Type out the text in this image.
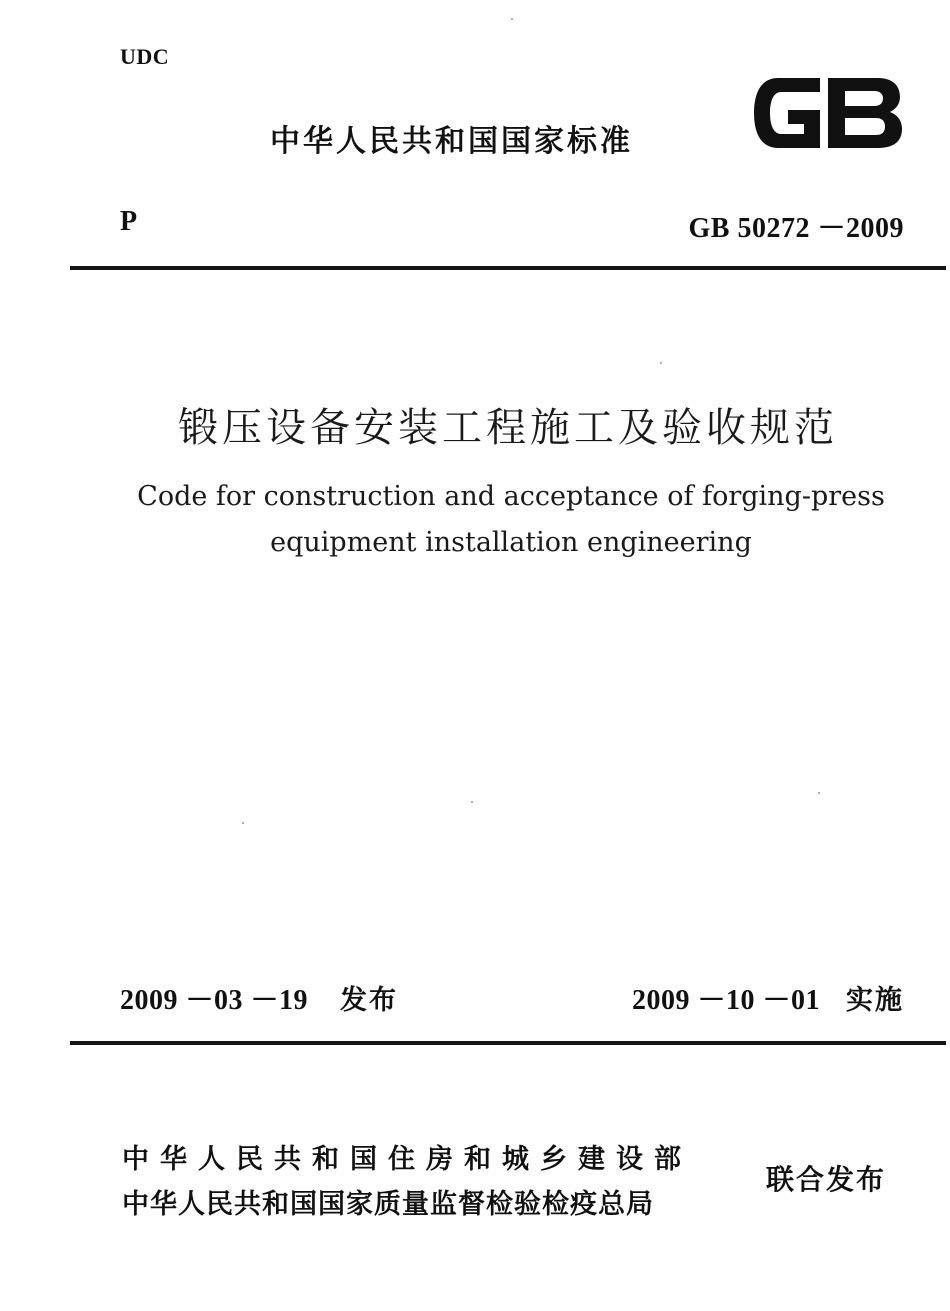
UDC
中华人民共和国国家标准
P	GB 50272 －2009
锻压设备安装工程施工及验收规范
Code for construction and acceptance of forging-press
equipment installation engineering
2009 －03 －19 发布	2009 －10 －01 实施
中华人民共和国住房和城乡建设部
中华人民共和国国家质量监督检验检疫总局
联合发布
